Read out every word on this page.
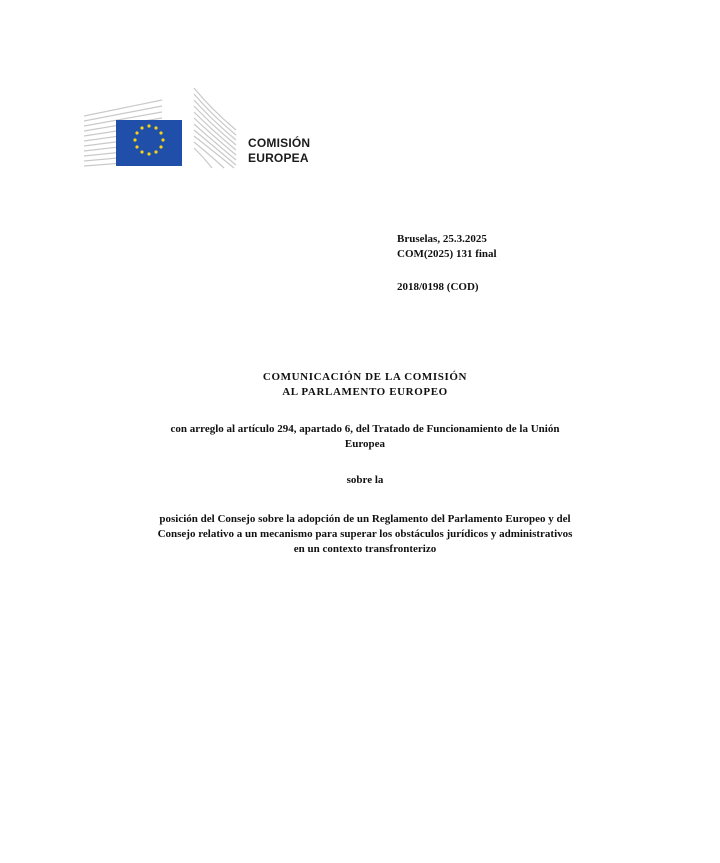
COMISIÓN
EUROPEA
Bruselas, 25.3.2025
COM(2025) 131 final
2018/0198 (COD)
COMUNICACIÓN DE LA COMISIÓN
AL PARLAMENTO EUROPEO
con arreglo al artículo 294, apartado 6, del Tratado de Funcionamiento de la Unión
Europea
sobre la
posición del Consejo sobre la adopción de un Reglamento del Parlamento Europeo y del
Consejo relativo a un mecanismo para superar los obstáculos jurídicos y administrativos
en un contexto transfronterizo
